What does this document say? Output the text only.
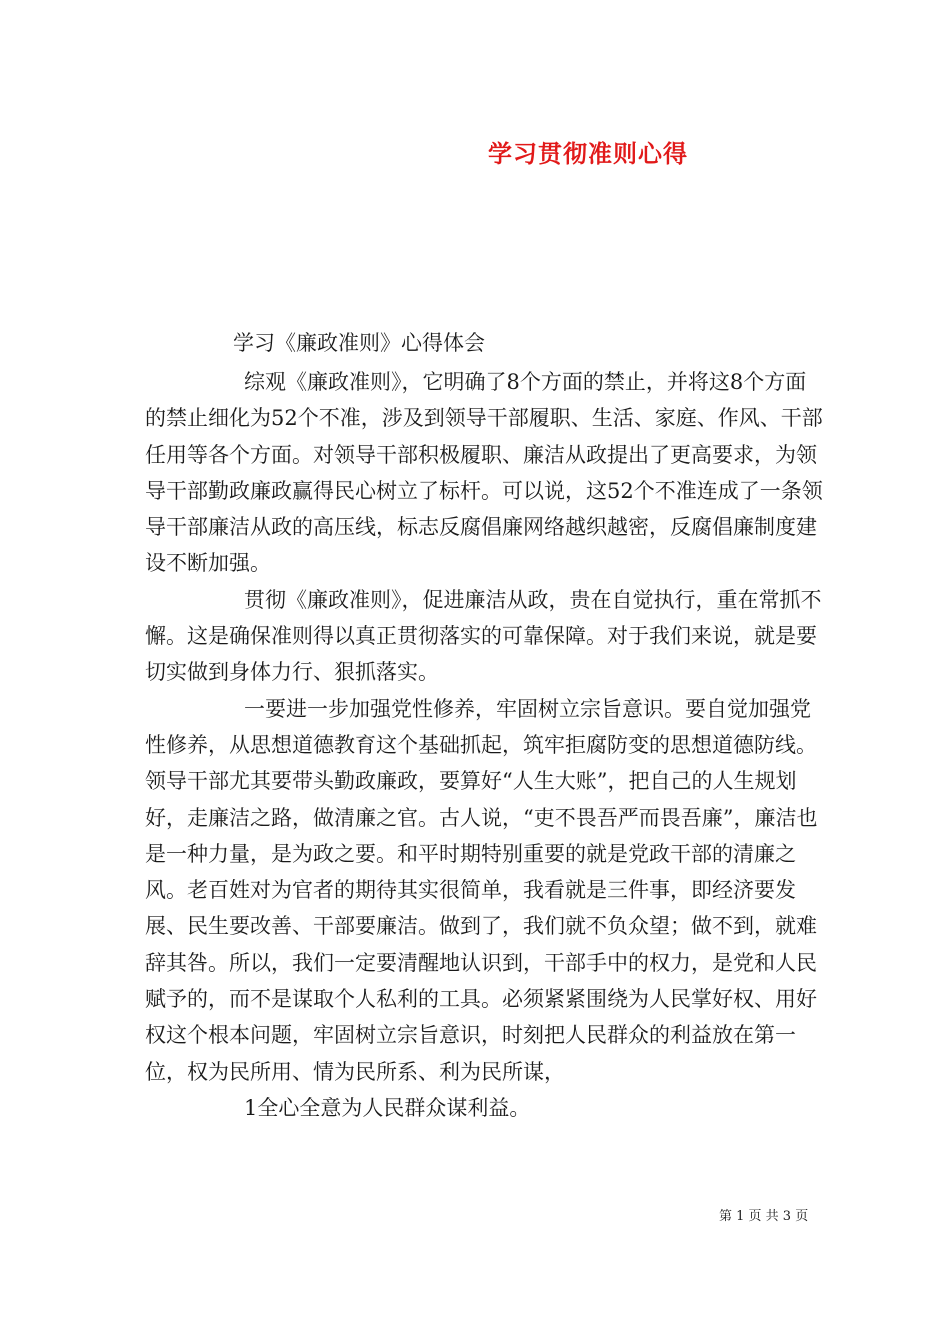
学习贯彻准则心得
学习《廉政准则》心得体会

综观《廉政准则》，它明确了8个方面的禁止，并将这8个方面的禁止细化为52个不准，涉及到领导干部履职、生活、家庭、作风、干部任用等各个方面。对领导干部积极履职、廉洁从政提出了更高要求，为领导干部勤政廉政赢得民心树立了标杆。可以说，这52个不准连成了一条领导干部廉洁从政的高压线，标志反腐倡廉网络越织越密，反腐倡廉制度建设不断加强。

贯彻《廉政准则》，促进廉洁从政，贵在自觉执行，重在常抓不懈。这是确保准则得以真正贯彻落实的可靠保障。对于我们来说，就是要切实做到身体力行、狠抓落实。

一要进一步加强党性修养，牢固树立宗旨意识。要自觉加强党性修养，从思想道德教育这个基础抓起，筑牢拒腐防变的思想道德防线。领导干部尤其要带头勤政廉政，要算好“人生大账”，把自己的人生规划好，走廉洁之路，做清廉之官。古人说，“吏不畏吾严而畏吾廉”，廉洁也是一种力量，是为政之要。和平时期特别重要的就是党政干部的清廉之风。老百姓对为官者的期待其实很简单，我看就是三件事，即经济要发展、民生要改善、干部要廉洁。做到了，我们就不负众望；做不到，就难辞其咎。所以，我们一定要清醒地认识到，干部手中的权力，是党和人民赋予的，而不是谋取个人私利的工具。必须紧紧围绕为人民掌好权、用好权这个根本问题，牢固树立宗旨意识，时刻把人民群众的利益放在第一位，权为民所用、情为民所系、利为民所谋，

1全心全意为人民群众谋利益。

第 1 页 共 3 页
